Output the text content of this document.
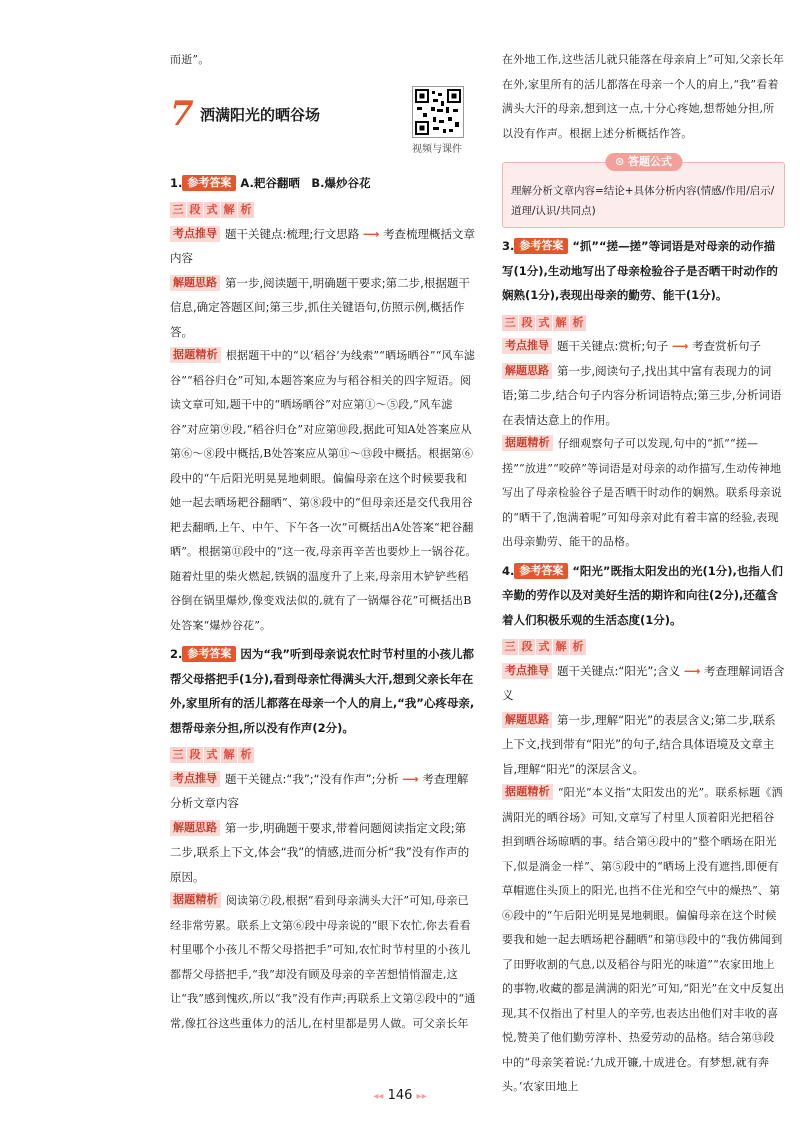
而逝”。

1. 参考答案 A.耙谷翻晒　B.爆炒谷花

三 段 式 解 析

考点推导 题干关键点:梳理;行文思路 ⟶ 考查梳理概括文章内容

解题思路 第一步,阅读题干,明确题干要求;第二步,根据题干信息,确定答题区间;第三步,抓住关键语句,仿照示例,概括作答。

据题精析 根据题干中的“以‘稻谷’为线索”“晒场晒谷”“风车滤谷”“稻谷归仓”可知,本题答案应为与稻谷相关的四字短语。阅读文章可知,题干中的“晒场晒谷”对应第①～⑤段,“风车滤谷”对应第⑨段,“稻谷归仓”对应第⑩段,据此可知A处答案应从第⑥～⑧段中概括,B处答案应从第⑪～⑬段中概括。根据第⑥段中的“午后阳光明晃晃地刺眼。偏偏母亲在这个时候要我和她一起去晒场耙谷翻晒”、第⑧段中的“但母亲还是交代我用谷耙去翻晒,上午、中午、下午各一次”可概括出A处答案“耙谷翻晒”。根据第⑪段中的“这一夜,母亲再辛苦也要炒上一锅谷花。随着灶里的柴火燃起,铁锅的温度升了上来,母亲用木铲铲些稻谷倒在锅里爆炒,像变戏法似的,就有了一锅爆谷花”可概括出B处答案“爆炒谷花”。

2. 参考答案 因为“我”听到母亲说农忙时节村里的小孩儿都帮父母搭把手(1分),看到母亲忙得满头大汗,想到父亲长年在外,家里所有的活儿都落在母亲一个人的肩上,“我”心疼母亲,想帮母亲分担,所以没有作声(2分)。

三 段 式 解 析

考点推导 题干关键点:“我”;“没有作声”;分析 ⟶ 考查理解分析文章内容

解题思路 第一步,明确题干要求,带着问题阅读指定文段;第二步,联系上下文,体会“我”的情感,进而分析“我”没有作声的原因。

据题精析 阅读第⑦段,根据“看到母亲满头大汗”可知,母亲已经非常劳累。联系上文第⑥段中母亲说的“眼下农忙,你去看看村里哪个小孩儿不帮父母搭把手”可知,农忙时节村里的小孩儿都帮父母搭把手,“我”却没有顾及母亲的辛苦想悄悄溜走,这让“我”感到愧疚,所以“我”没有作声;再联系上文第②段中的“通常,像扛谷这些重体力的活儿,在村里都是男人做。可父亲长年

7 洒满阳光的晒谷场
视频与课件

在外地工作,这些活儿就只能落在母亲肩上”可知,父亲长年在外,家里所有的活儿都落在母亲一个人的肩上,“我”看着满头大汗的母亲,想到这一点,十分心疼她,想帮她分担,所以没有作声。根据上述分析概括作答。

⊙ 答题公式
理解分析文章内容=结论+具体分析内容(情感/作用/启示/道理/认识/共同点)

3. 参考答案 “抓”“搓—搓”等词语是对母亲的动作描写(1分),生动地写出了母亲检验谷子是否晒干时动作的娴熟(1分),表现出母亲的勤劳、能干(1分)。

三 段 式 解 析

考点推导 题干关键点:赏析;句子 ⟶ 考查赏析句子

解题思路 第一步,阅读句子,找出其中富有表现力的词语;第二步,结合句子内容分析词语特点;第三步,分析词语在表情达意上的作用。

据题精析 仔细观察句子可以发现,句中的“抓”“搓—搓”“放进”“咬碎”等词语是对母亲的动作描写,生动传神地写出了母亲检验谷子是否晒干时动作的娴熟。联系母亲说的“晒干了,饱满着呢”可知母亲对此有着丰富的经验,表现出母亲勤劳、能干的品格。

4. 参考答案 “阳光”既指太阳发出的光(1分),也指人们辛勤的劳作以及对美好生活的期许和向往(2分),还蕴含着人们积极乐观的生活态度(1分)。

三 段 式 解 析

考点推导 题干关键点:“阳光”;含义 ⟶ 考查理解词语含义

解题思路 第一步,理解“阳光”的表层含义;第二步,联系上下文,找到带有“阳光”的句子,结合具体语境及文章主旨,理解“阳光”的深层含义。

据题精析 “阳光”本义指“太阳发出的光”。联系标题《洒满阳光的晒谷场》可知,文章写了村里人顶着阳光把稻谷担到晒谷场晾晒的事。结合第④段中的“整个晒场在阳光下,似是淌金一样”、第⑤段中的“晒场上没有遮挡,即便有草帽遮住头顶上的阳光,也挡不住光和空气中的燥热”、第⑥段中的“午后阳光明晃晃地刺眼。偏偏母亲在这个时候要我和她一起去晒场耙谷翻晒”和第⑬段中的“我仿佛闻到了田野收割的气息,以及稻谷与阳光的味道”“农家田地上的事物,收藏的都是满满的阳光”可知,“阳光”在文中反复出现,其不仅指出了村里人的辛劳,也表达出他们对丰收的喜悦,赞美了他们勤劳淳朴、热爱劳动的品格。结合第⑬段中的“母亲笑着说:‘九成开镰,十成进仓。有梦想,就有奔头。’农家田地上

◂◂ 146 ▸▸
